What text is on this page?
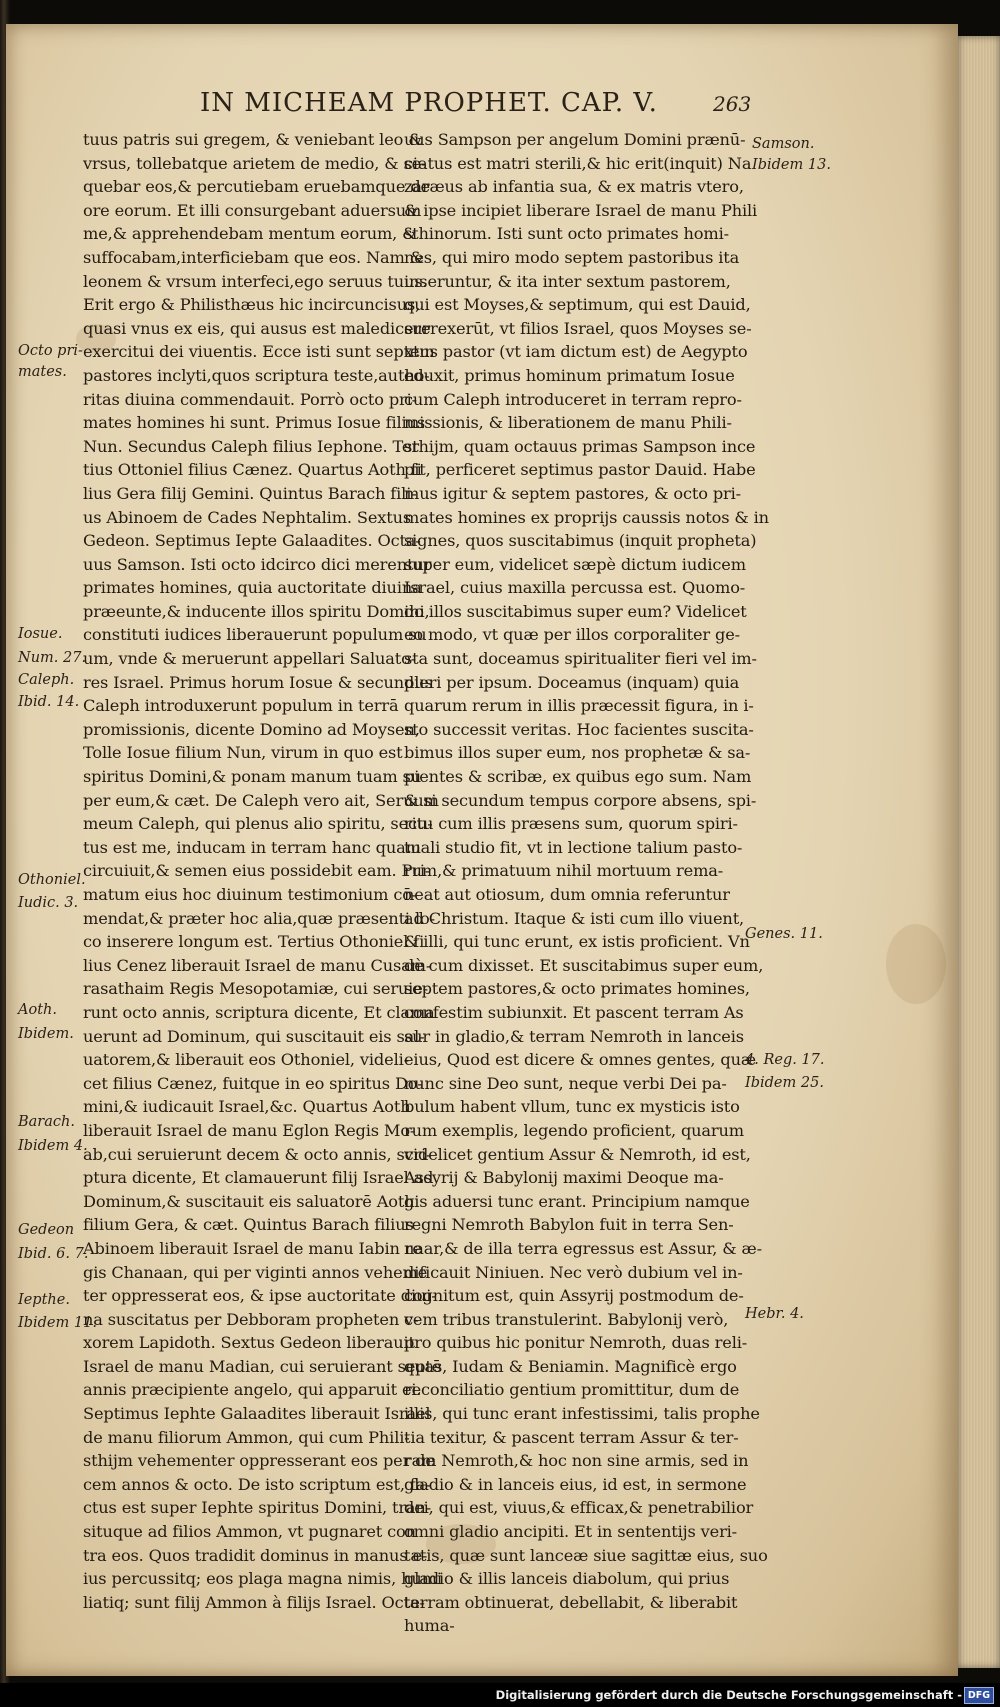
IN MICHEAM PROPHET. CAP. V.	263
tuus patris sui gregem, & veniebant leo &
vrsus, tollebatque arietem de medio, & se-
quebar eos,& percutiebam eruebamque de
ore eorum. Et illi consurgebant aduersum
me,& apprehendebam mentum eorum, &
suffocabam,interficiebam que eos. Nam &
leonem & vrsum interfeci,ego seruus tuus.
Erit ergo & Philisthæus hic incircuncisus,
quasi vnus ex eis, qui ausus est maledicere
exercitui dei viuentis. Ecce isti sunt septem
pastores inclyti,quos scriptura teste,autho-
ritas diuina commendauit. Porrò octo pri-
mates homines hi sunt. Primus Iosue filius
Nun. Secundus Caleph filius Iephone. Ter
tius Ottoniel filius Cænez. Quartus Aoth fi
lius Gera filij Gemini. Quintus Barach fili-
us Abinoem de Cades Nephtalim. Sextus
Gedeon. Septimus Iepte Galaadites. Octa-
uus Samson. Isti octo idcirco dici merentur
primates homines, quia auctoritate diuina
præeunte,& inducente illos spiritu Domini,
constituti iudices liberauerunt populum su
um, vnde & meruerunt appellari Saluato-
res Israel. Primus horum Iosue & secundus
Caleph introduxerunt populum in terrā
promissionis, dicente Domino ad Moysen,
Tolle Iosue filium Nun, virum in quo est
spiritus Domini,& ponam manum tuam su
per eum,& cæt. De Caleph vero ait, Seruum
meum Caleph, qui plenus alio spiritu, secu-
tus est me, inducam in terram hanc quam
circuiuit,& semen eius possidebit eam. Pri-
matum eius hoc diuinum testimonium cō-
mendat,& præter hoc alia,quæ præsenti lo-
co inserere longum est. Tertius Othoniel fi
lius Cenez liberauit Israel de manu Cusam-
rasathaim Regis Mesopotamiæ, cui seruie-
runt octo annis, scriptura dicente, Et clama
uerunt ad Dominum, qui suscitauit eis sal-
uatorem,& liberauit eos Othoniel, videli-
cet filius Cænez, fuitque in eo spiritus Do-
mini,& iudicauit Israel,&c. Quartus Aoth
liberauit Israel de manu Eglon Regis Mo-
ab,cui seruierunt decem & octo annis, scri-
ptura dicente, Et clamauerunt filij Israel ad
Dominum,& suscitauit eis saluatorē Aoth
filium Gera, & cæt. Quintus Barach filius
Abinoem liberauit Israel de manu Iabin re
gis Chanaan, qui per viginti annos veheme
ter oppresserat eos, & ipse auctoritate diui-
na suscitatus per Debboram propheten v-
xorem Lapidoth. Sextus Gedeon liberauit
Israel de manu Madian, cui seruierant septē
annis præcipiente angelo, qui apparuit ei.
Septimus Iephte Galaadites liberauit Israel
de manu filiorum Ammon, qui cum Phili-
sthijm vehementer oppresserant eos per de
cem annos & octo. De isto scriptum est, fa-
ctus est super Iephte spiritus Domini, tran-
situque ad filios Ammon, vt pugnaret con
tra eos. Quos tradidit dominus in manus e-
ius percussitq; eos plaga magna nimis, humi
liatiq; sunt filij Ammon à filijs Israel. Octa-
uus Sampson per angelum Domini prænū-
ciatus est matri sterili,& hic erit(inquit) Na
zaræus ab infantia sua, & ex matris vtero,
& ipse incipiet liberare Israel de manu Phili
sthinorum. Isti sunt octo primates homi-
nes, qui miro modo septem pastoribus ita
inseruntur, & ita inter sextum pastorem,
qui est Moyses,& septimum, qui est Dauid,
surrexerūt, vt filios Israel, quos Moyses se-
xtus pastor (vt iam dictum est) de Aegypto
eduxit, primus hominum primatum Iosue
cum Caleph introduceret in terram repro-
missionis, & liberationem de manu Phili-
sthijm, quam octauus primas Sampson ince
pit, perficeret septimus pastor Dauid. Habe
mus igitur & septem pastores, & octo pri-
mates homines ex proprijs caussis notos & in
signes, quos suscitabimus (inquit propheta)
super eum, videlicet sæpè dictum iudicem
Israel, cuius maxilla percussa est. Quomo-
do illos suscitabimus super eum? Videlicet
eo modo, vt quæ per illos corporaliter ge-
sta sunt, doceamus spiritualiter fieri vel im-
pleri per ipsum. Doceamus (inquam) quia
quarum rerum in illis præcessit figura, in i-
sto successit veritas. Hoc facientes suscita-
bimus illos super eum, nos prophetæ & sa-
pientes & scribæ, ex quibus ego sum. Nam
& si secundum tempus corpore absens, spi-
ritu cum illis præsens sum, quorum spiri-
tuali studio fit, vt in lectione talium pasto-
rum,& primatuum nihil mortuum rema-
neat aut otiosum, dum omnia referuntur
ad Christum. Itaque & isti cum illo viuent,
& illi, qui tunc erunt, ex istis proficient. Vn
dè cum dixisset. Et suscitabimus super eum,
septem pastores,& octo primates homines,
confestim subiunxit. Et pascent terram As
sur in gladio,& terram Nemroth in lanceis
eius, Quod est dicere & omnes gentes, quæ
nunc sine Deo sunt, neque verbi Dei pa-
bulum habent vllum, tunc ex mysticis isto
rum exemplis, legendo proficient, quarum
videlicet gentium Assur & Nemroth, id est,
Assyrij & Babylonij maximi Deoque ma-
gis aduersi tunc erant. Principium namque
regni Nemroth Babylon fuit in terra Sen-
naar,& de illa terra egressus est Assur, & æ-
dificauit Niniuen. Nec verò dubium vel in-
cognitum est, quin Assyrij postmodum de-
cem tribus transtulerint. Babylonij verò,
pro quibus hic ponitur Nemroth, duas reli-
quas, Iudam & Beniamin. Magnificè ergo
reconciliatio gentium promittitur, dum de
illis, qui tunc erant infestissimi, talis prophe
tia texitur, & pascent terram Assur & ter-
ram Nemroth,& hoc non sine armis, sed in
gladio & in lanceis eius, id est, in sermone
dei, qui est, viuus,& efficax,& penetrabilior
omni gladio ancipiti. Et in sententijs veri-
tatis, quæ sunt lanceæ siue sagittæ eius, suo
gladio & illis lanceis diabolum, qui prius
terram obtinuerat, debellabit, & liberabit
huma-
Octo pri-
mates.
Iosue.
Num. 27.
Caleph.
Ibid. 14.
Othoniel.
Iudic. 3.
Aoth.
Ibidem.
Barach.
Ibidem 4.
Gedeon
Ibid. 6. 7.
Iepthe.
Ibidem 11.
Samson.
Ibidem 13.
Genes. 11.
4. Reg. 17.
Ibidem 25.
Hebr. 4.
Digitalisierung gefördert durch die Deutsche Forschungsgemeinschaft - DFG
